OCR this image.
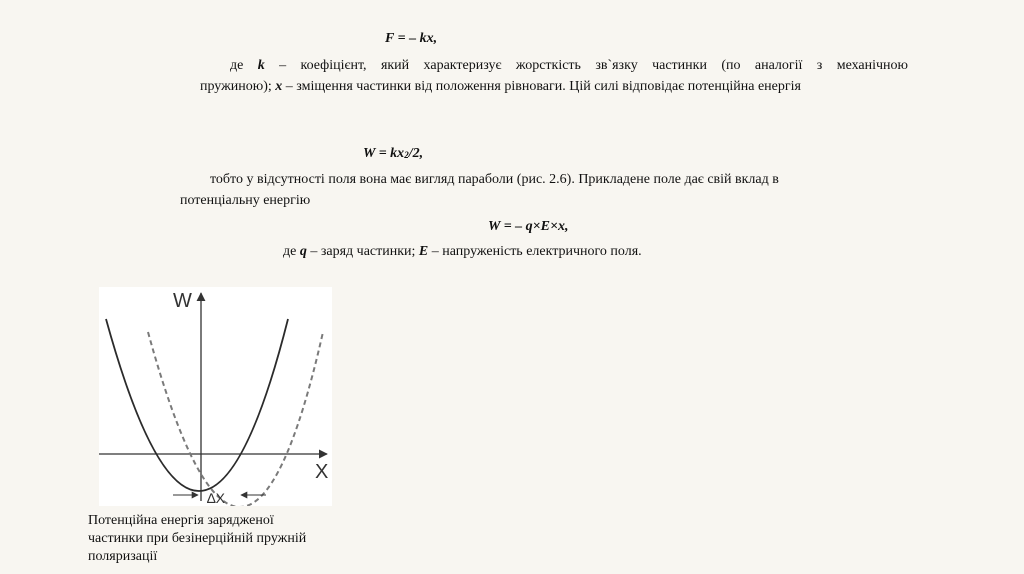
F = – kx,
де k – коефіцієнт, який характеризує жорсткість зв`язку частинки (по аналогії з механічною
пружиною); x – зміщення частинки від положення рівноваги. Цій силі відповідає потенційна енергія
$W = kx_2/2$,
тобто у відсутності поля вона має вигляд параболи (рис. 2.6). Прикладене поле дає свій вклад в
потенціальну енергію
W = – q×E×x,
де q – заряд частинки; E – напруженість електричного поля.
W
X
∆X
Потенційна енергія зарядженої
частинки при безінерційній пружній
поляризації
